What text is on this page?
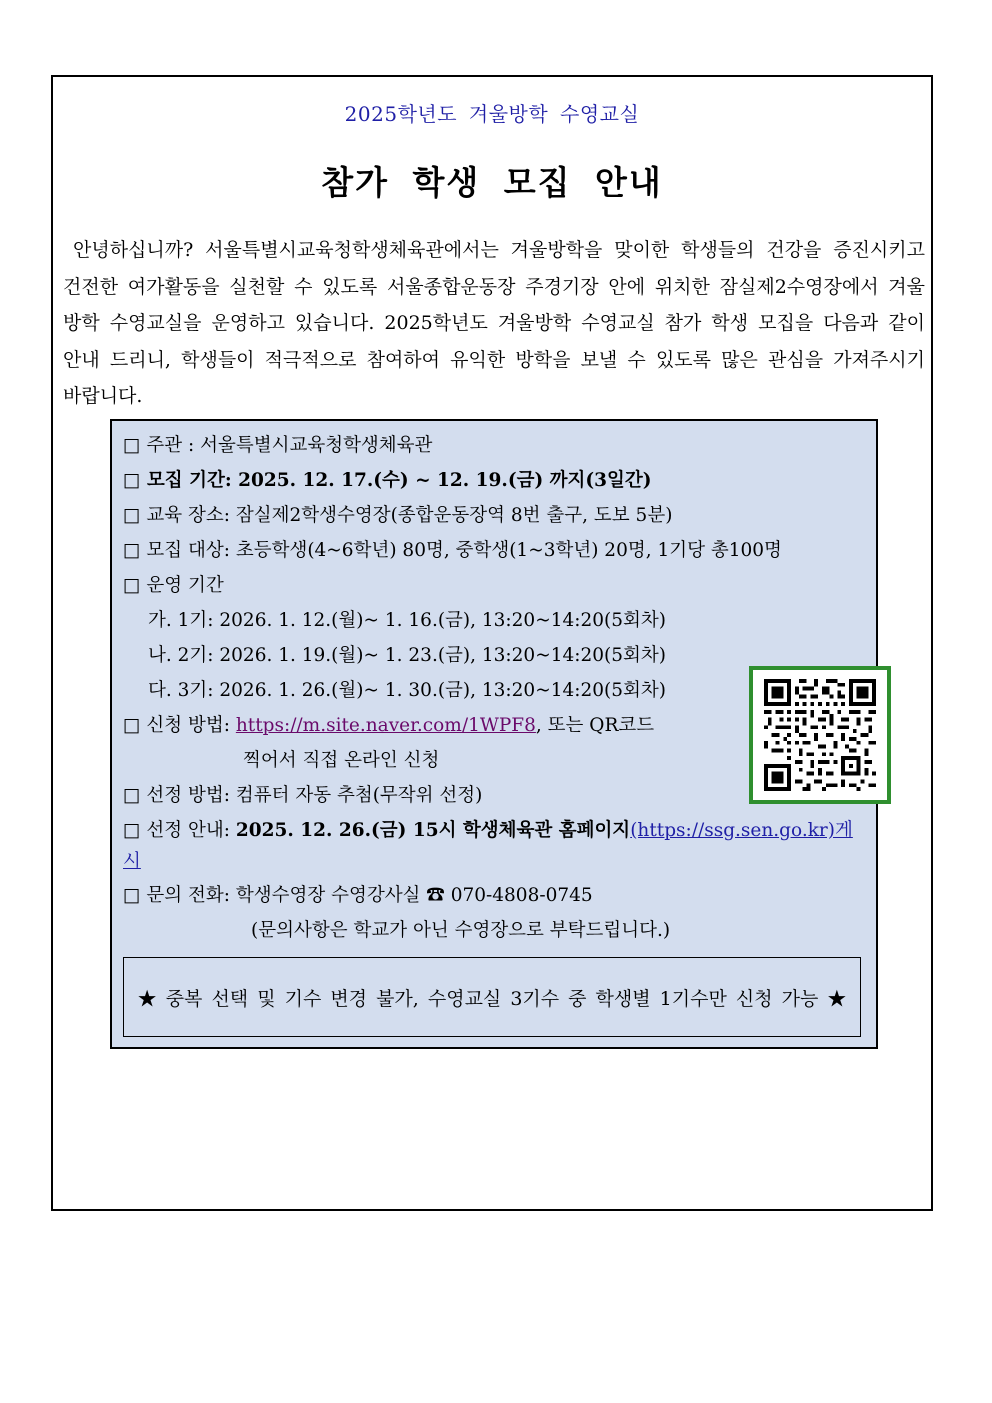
2025학년도 겨울방학 수영교실
참가 학생 모집 안내

안녕하십니까? 서울특별시교육청학생체육관에서는 겨울방학을 맞이한 학생들의 건강을 증진시키고 건전한 여가활동을 실천할 수 있도록 서울종합운동장 주경기장 안에 위치한 잠실제2수영장에서 겨울방학 수영교실을 운영하고 있습니다. 2025학년도 겨울방학 수영교실 참가 학생 모집을 다음과 같이 안내 드리니, 학생들이 적극적으로 참여하여 유익한 방학을 보낼 수 있도록 많은 관심을 가져주시기 바랍니다.

□ 주관 : 서울특별시교육청학생체육관
□ 모집 기간: 2025. 12. 17.(수) ~ 12. 19.(금) 까지(3일간)
□ 교육 장소: 잠실제2학생수영장(종합운동장역 8번 출구, 도보 5분)
□ 모집 대상: 초등학생(4~6학년) 80명, 중학생(1~3학년) 20명, 1기당 총100명
□ 운영 기간
가. 1기: 2026. 1. 12.(월)~ 1. 16.(금), 13:20~14:20(5회차)
나. 2기: 2026. 1. 19.(월)~ 1. 23.(금), 13:20~14:20(5회차)
다. 3기: 2026. 1. 26.(월)~ 1. 30.(금), 13:20~14:20(5회차)
□ 신청 방법: https://m.site.naver.com/1WPF8, 또는 QR코드
찍어서 직접 온라인 신청
□ 선정 방법: 컴퓨터 자동 추첨(무작위 선정)
□ 선정 안내: 2025. 12. 26.(금) 15시 학생체육관 홈페이지(https://ssg.sen.go.kr)게
시
□ 문의 전화: 학생수영장 수영강사실 ☎ 070-4808-0745
(문의사항은 학교가 아닌 수영장으로 부탁드립니다.)
★ 중복 선택 및 기수 변경 불가, 수영교실 3기수 중 학생별 1기수만 신청 가능 ★
